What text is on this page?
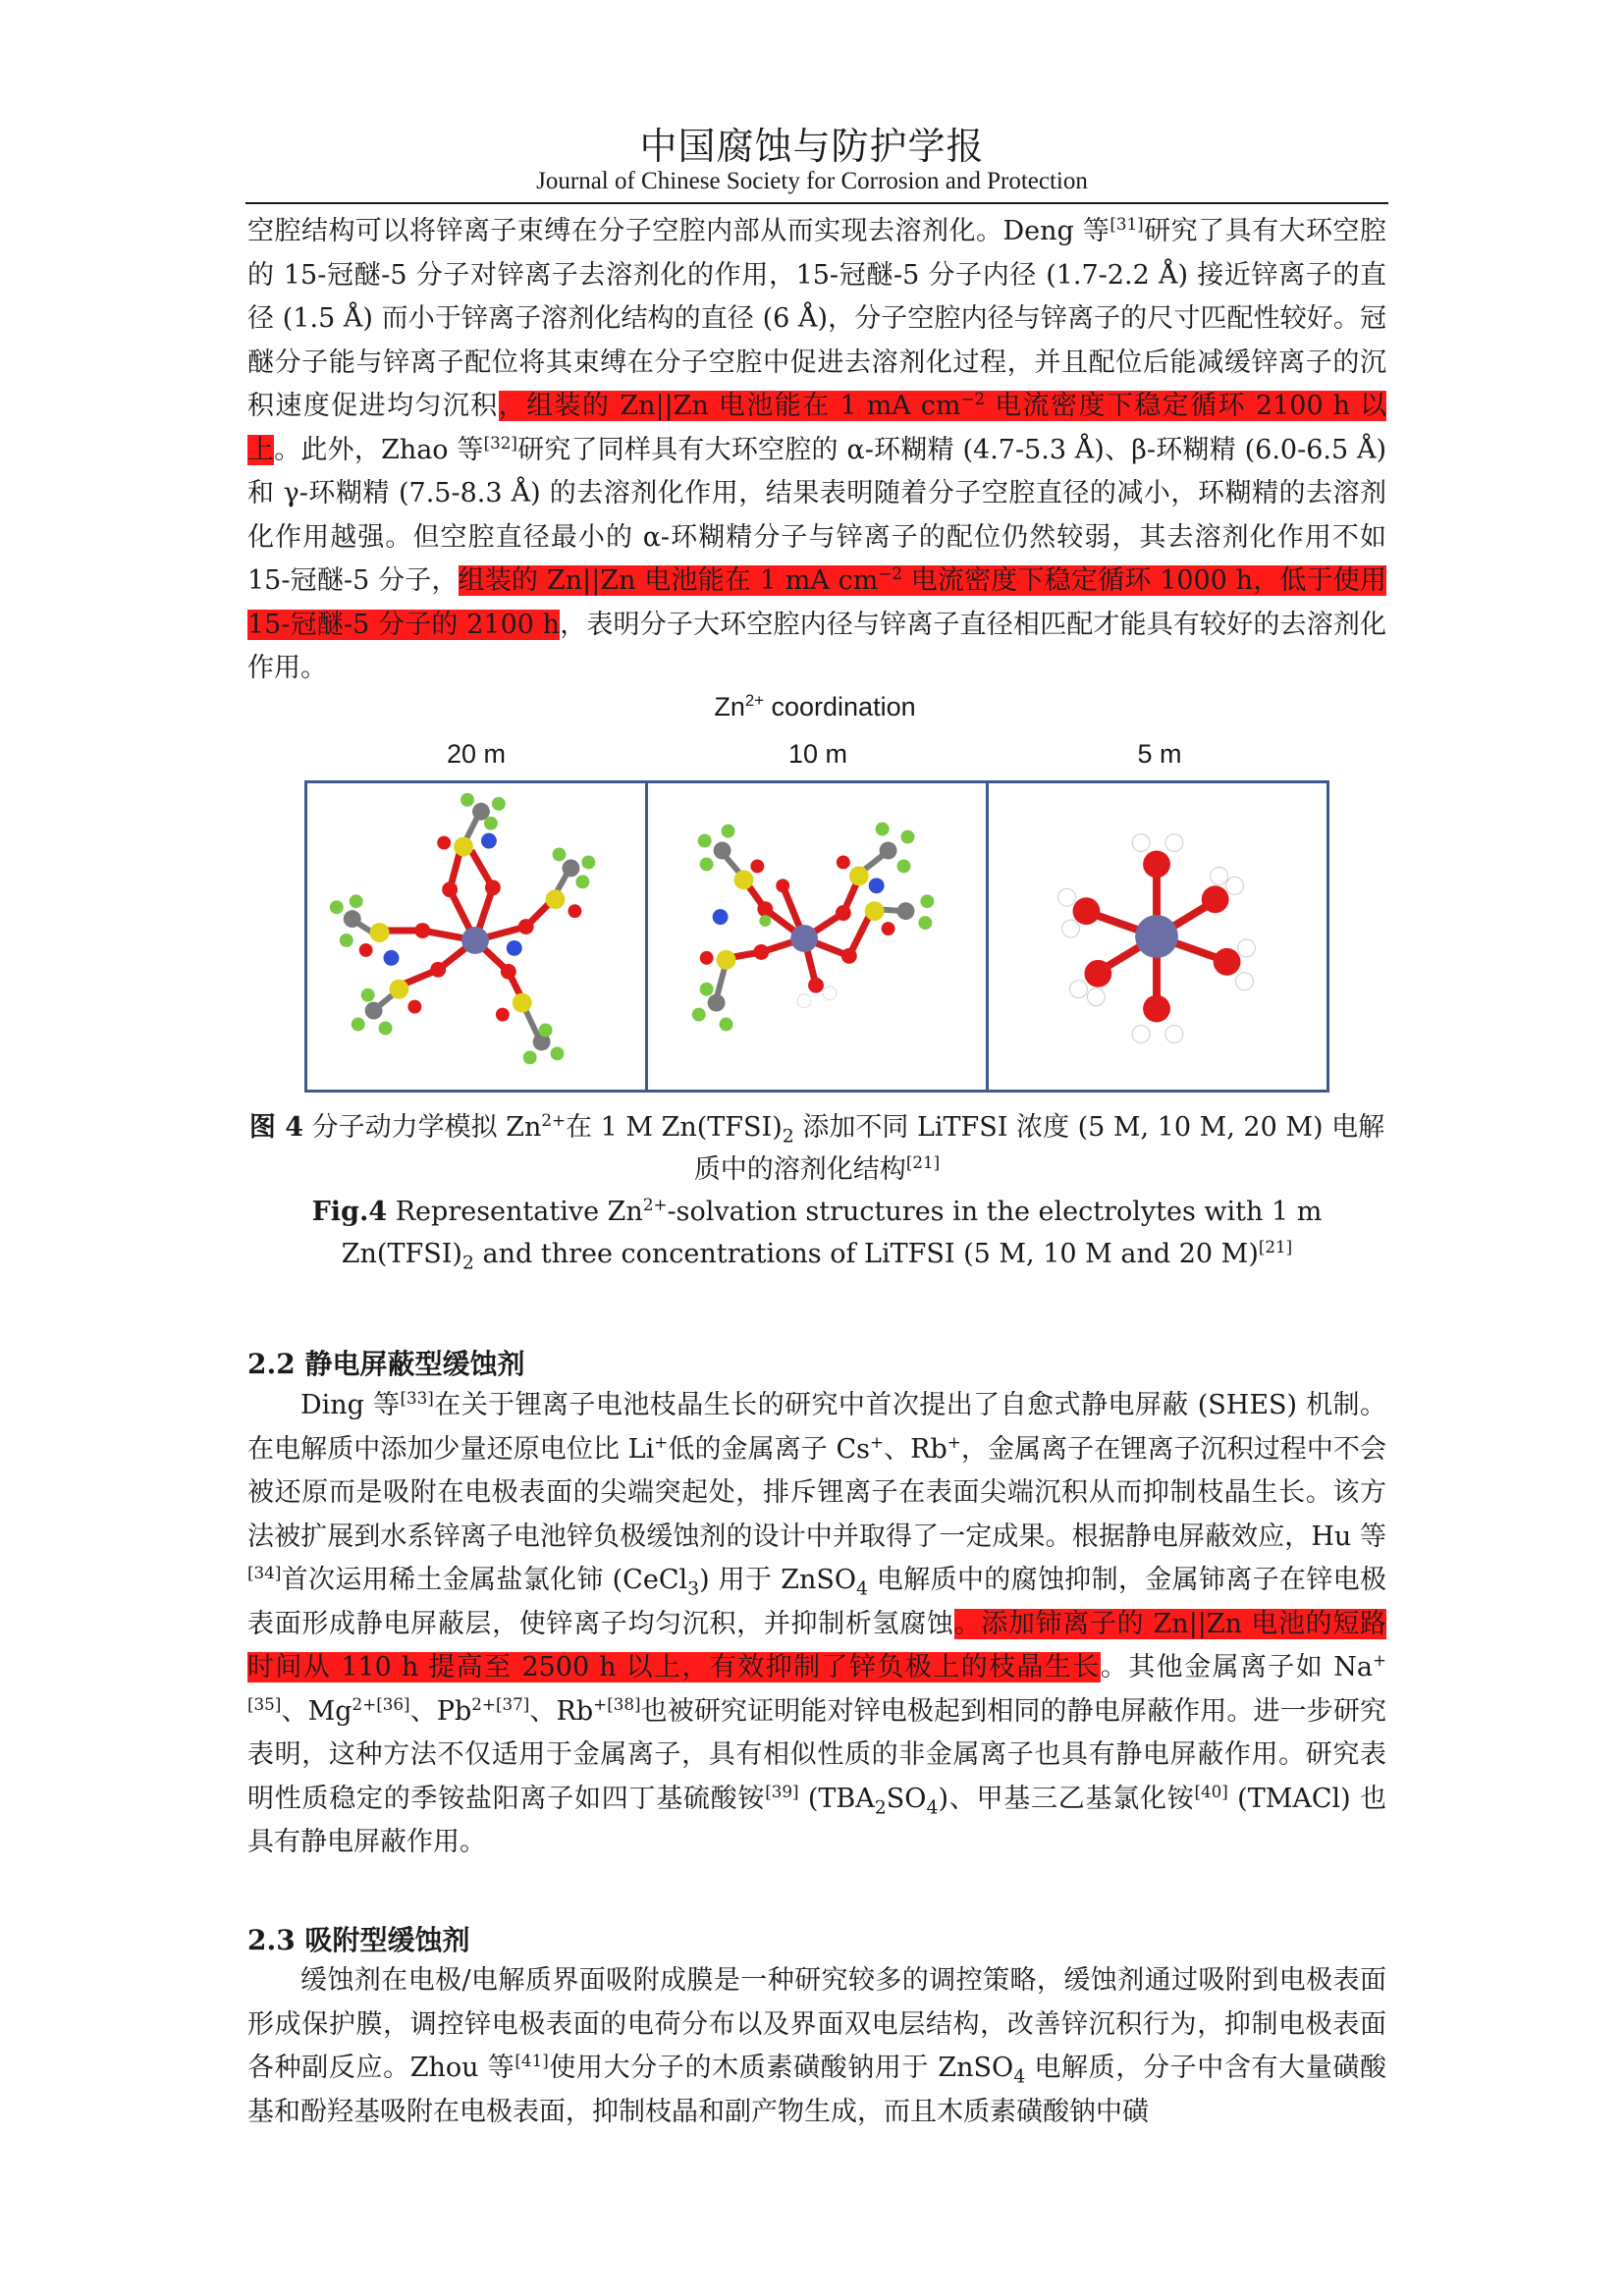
中国腐蚀与防护学报
Journal of Chinese Society for Corrosion and Protection

空腔结构可以将锌离子束缚在分子空腔内部从而实现去溶剂化。Deng 等[31]研究了具有大环空腔的 15-冠醚-5 分子对锌离子去溶剂化的作用，15-冠醚-5 分子内径 (1.7-2.2 Å) 接近锌离子的直径 (1.5 Å) 而小于锌离子溶剂化结构的直径 (6 Å)，分子空腔内径与锌离子的尺寸匹配性较好。冠醚分子能与锌离子配位将其束缚在分子空腔中促进去溶剂化过程，并且配位后能减缓锌离子的沉积速度促进均匀沉积，组装的 Zn||Zn 电池能在 1 mA $cm^{-2}$ 电流密度下稳定循环 2100 h 以上。此外，Zhao 等[32]研究了同样具有大环空腔的 α-环糊精 (4.7-5.3 Å)、β-环糊精 (6.0-6.5 Å) 和 γ-环糊精 (7.5-8.3 Å) 的去溶剂化作用，结果表明随着分子空腔直径的减小，环糊精的去溶剂化作用越强。但空腔直径最小的 α-环糊精分子与锌离子的配位仍然较弱，其去溶剂化作用不如 15-冠醚-5 分子，组装的 Zn||Zn 电池能在 1 mA $cm^{-2}$ 电流密度下稳定循环 1000 h，低于使用 15-冠醚-5 分子的 2100 h，表明分子大环空腔内径与锌离子直径相匹配才能具有较好的去溶剂化作用。

$Zn^{2+}$ coordination
20 m	10 m	5 m
图 4 分子动力学模拟 $Zn^{2+}$在 1 M $Zn(TFSI)_2$ 添加不同 LiTFSI 浓度 (5 M, 10 M, 20 M) 电解质中的溶剂化结构[21]
Fig.4 Representative $Zn^{2+}$-solvation structures in the electrolytes with 1 m $Zn(TFSI)_2$ and three concentrations of LiTFSI (5 M, 10 M and 20 M)[21]
2.2 静电屏蔽型缓蚀剂

Ding 等[33]在关于锂离子电池枝晶生长的研究中首次提出了自愈式静电屏蔽 (SHES) 机制。在电解质中添加少量还原电位比 Li+低的金属离子 Cs+、Rb+，金属离子在锂离子沉积过程中不会被还原而是吸附在电极表面的尖端突起处，排斥锂离子在表面尖端沉积从而抑制枝晶生长。该方法被扩展到水系锌离子电池锌负极缓蚀剂的设计中并取得了一定成果。根据静电屏蔽效应，Hu 等[34]首次运用稀土金属盐氯化铈 (CeCl$_3$) 用于 ZnSO$_4$ 电解质中的腐蚀抑制，金属铈离子在锌电极表面形成静电屏蔽层，使锌离子均匀沉积，并抑制析氢腐蚀。添加铈离子的 Zn||Zn 电池的短路时间从 110 h 提高至 2500 h 以上，有效抑制了锌负极上的枝晶生长。其他金属离子如 $Na^{+[35]}$、$Mg^{2+[36]}$、$Pb^{2+[37]}$、$Rb^{+[38]}$也被研究证明能对锌电极起到相同的静电屏蔽作用。进一步研究表明，这种方法不仅适用于金属离子，具有相似性质的非金属离子也具有静电屏蔽作用。研究表明性质稳定的季铵盐阳离子如四丁基硫酸铵[39] $(TBA_2SO_4)$、甲基三乙基氯化铵[40] (TMACl) 也具有静电屏蔽作用。

2.3 吸附型缓蚀剂

缓蚀剂在电极/电解质界面吸附成膜是一种研究较多的调控策略，缓蚀剂通过吸附到电极表面形成保护膜，调控锌电极表面的电荷分布以及界面双电层结构，改善锌沉积行为，抑制电极表面各种副反应。Zhou 等[41]使用大分子的木质素磺酸钠用于 ZnSO$_4$ 电解质，分子中含有大量磺酸基和酚羟基吸附在电极表面，抑制枝晶和副产物生成，而且木质素磺酸钠中磺
